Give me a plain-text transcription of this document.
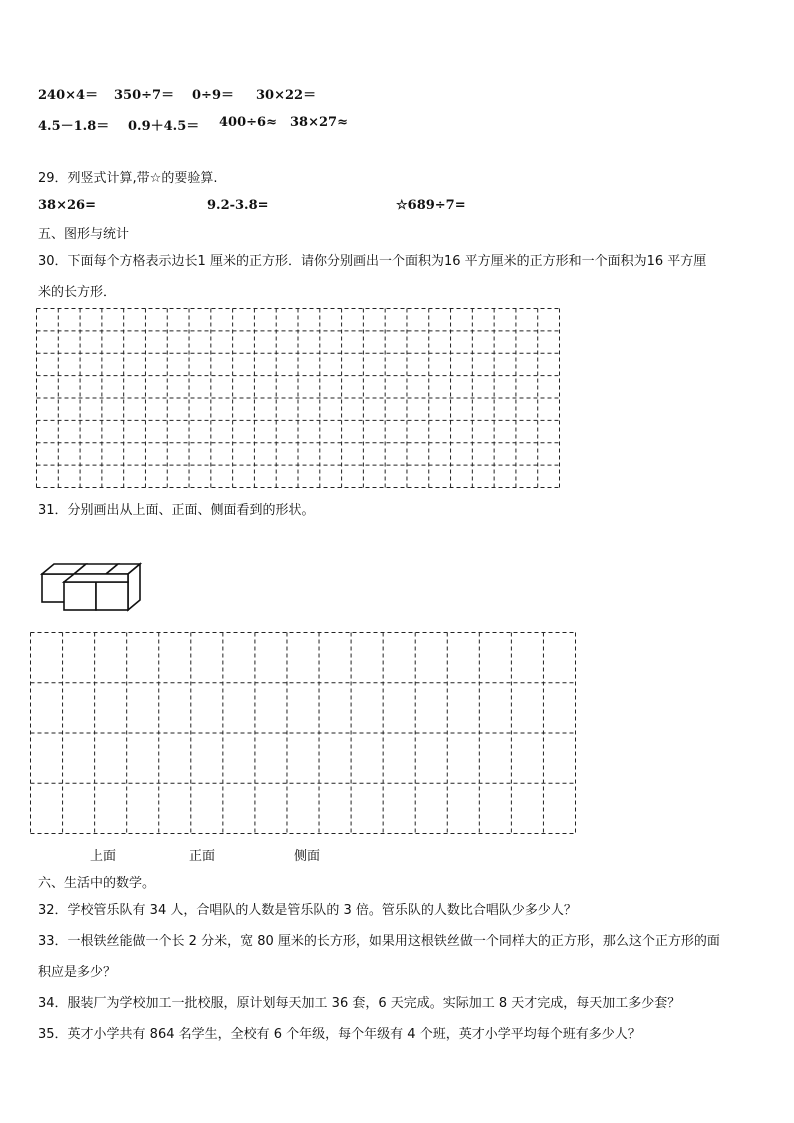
240×4＝ 350÷7＝ 0÷9＝ 30×22＝
4.5－1.8＝ 0.9＋4.5＝ 400÷6≈ 38×27≈
29．列竖式计算,带☆的要验算.
38×26=	9.2-3.8=	☆689÷7=
五、图形与统计
30．下面每个方格表示边长1 厘米的正方形．请你分别画出一个面积为16 平方厘米的正方形和一个面积为16 平方厘
米的长方形．
31．分别画出从上面、正面、侧面看到的形状。
上面	正面	侧面
六、生活中的数学。
32．学校管乐队有 34 人，合唱队的人数是管乐队的 3 倍。管乐队的人数比合唱队少多少人？
33．一根铁丝能做一个长 2 分米，宽 80 厘米的长方形，如果用这根铁丝做一个同样大的正方形，那么这个正方形的面
积应是多少？
34．服装厂为学校加工一批校服，原计划每天加工 36 套，6 天完成。实际加工 8 天才完成，每天加工多少套？
35．英才小学共有 864 名学生，全校有 6 个年级，每个年级有 4 个班，英才小学平均每个班有多少人？
